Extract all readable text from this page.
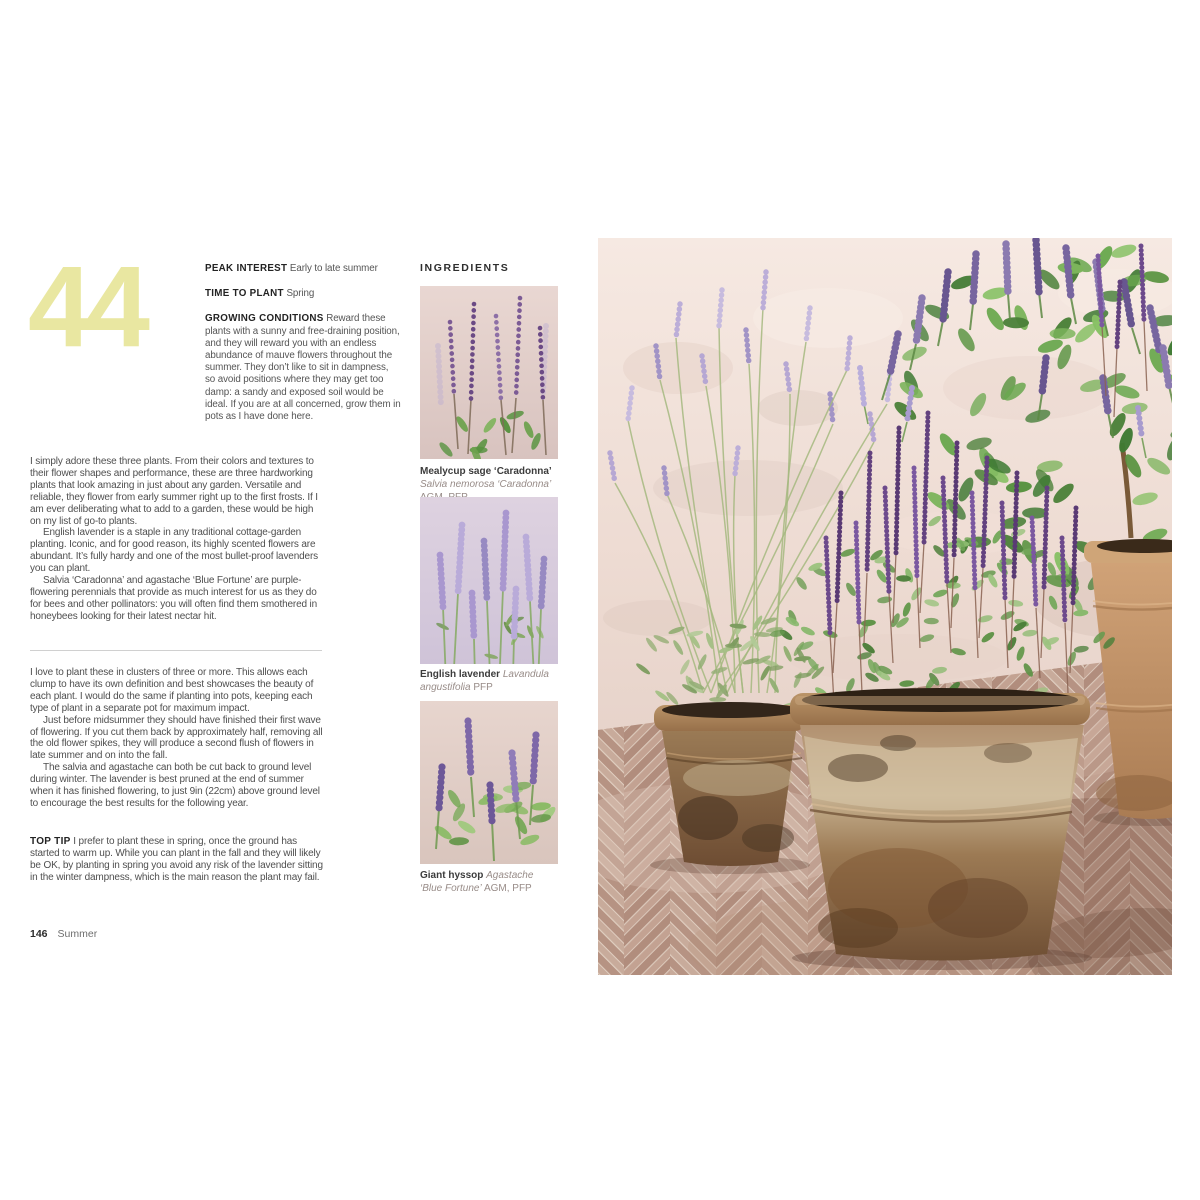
44	PEAK INTEREST Early to late summer

TIME TO PLANT Spring

GROWING CONDITIONS Reward these plants with a sunny and free-draining position, and they will reward you with an endless abundance of mauve flowers throughout the summer. They don’t like to sit in dampness, so avoid positions where they may get too damp: a sandy and exposed soil would be ideal. If you are at all concerned, grow them in pots as I have done here.

INGREDIENTS

Mealycup sage ‘Caradonna’ Salvia nemorosa ‘Caradonna’

English lavender Lavandula angustifolia PFP

Giant hyssop Agastache ‘Blue Fortune’ AGM, PFP

I simply adore these three plants. From their colors and textures to their flower shapes and performance, these are three hardworking plants that look amazing in just about any garden. Versatile and reliable, they flower from early summer right up to the first frosts. If I am ever deliberating what to add to a garden, these would be high on my list of go-to plants.

English lavender is a staple in any traditional cottage-garden planting. Iconic, and for good reason, its highly scented flowers are abundant. It’s fully hardy and one of the most bullet-proof lavenders you can plant.

Salvia ‘Caradonna’ and agastache ‘Blue Fortune’ are purple-flowering perennials that provide as much interest for us as they do for bees and other pollinators: you will often find them smothered in honeybees looking for their latest nectar hit.

I love to plant these in clusters of three or more. This allows each clump to have its own definition and best showcases the beauty of each plant. I would do the same if planting into pots, keeping each type of plant in a separate pot for maximum impact.

Just before midsummer they should have finished their first wave of flowering. If you cut them back by approximately half, removing all the old flower spikes, they will produce a second flush of flowers in late summer and on into the fall.

The salvia and agastache can both be cut back to ground level during winter. The lavender is best pruned at the end of summer when it has finished flowering, to just 9in (22cm) above ground level to encourage the best results for the following year.

TOP TIP I prefer to plant these in spring, once the ground has started to warm up. While you can plant in the fall and they will likely be OK, by planting in spring you avoid any risk of the lavender sitting in the winter dampness, which is the main reason the plant may fail.
146 Summer
